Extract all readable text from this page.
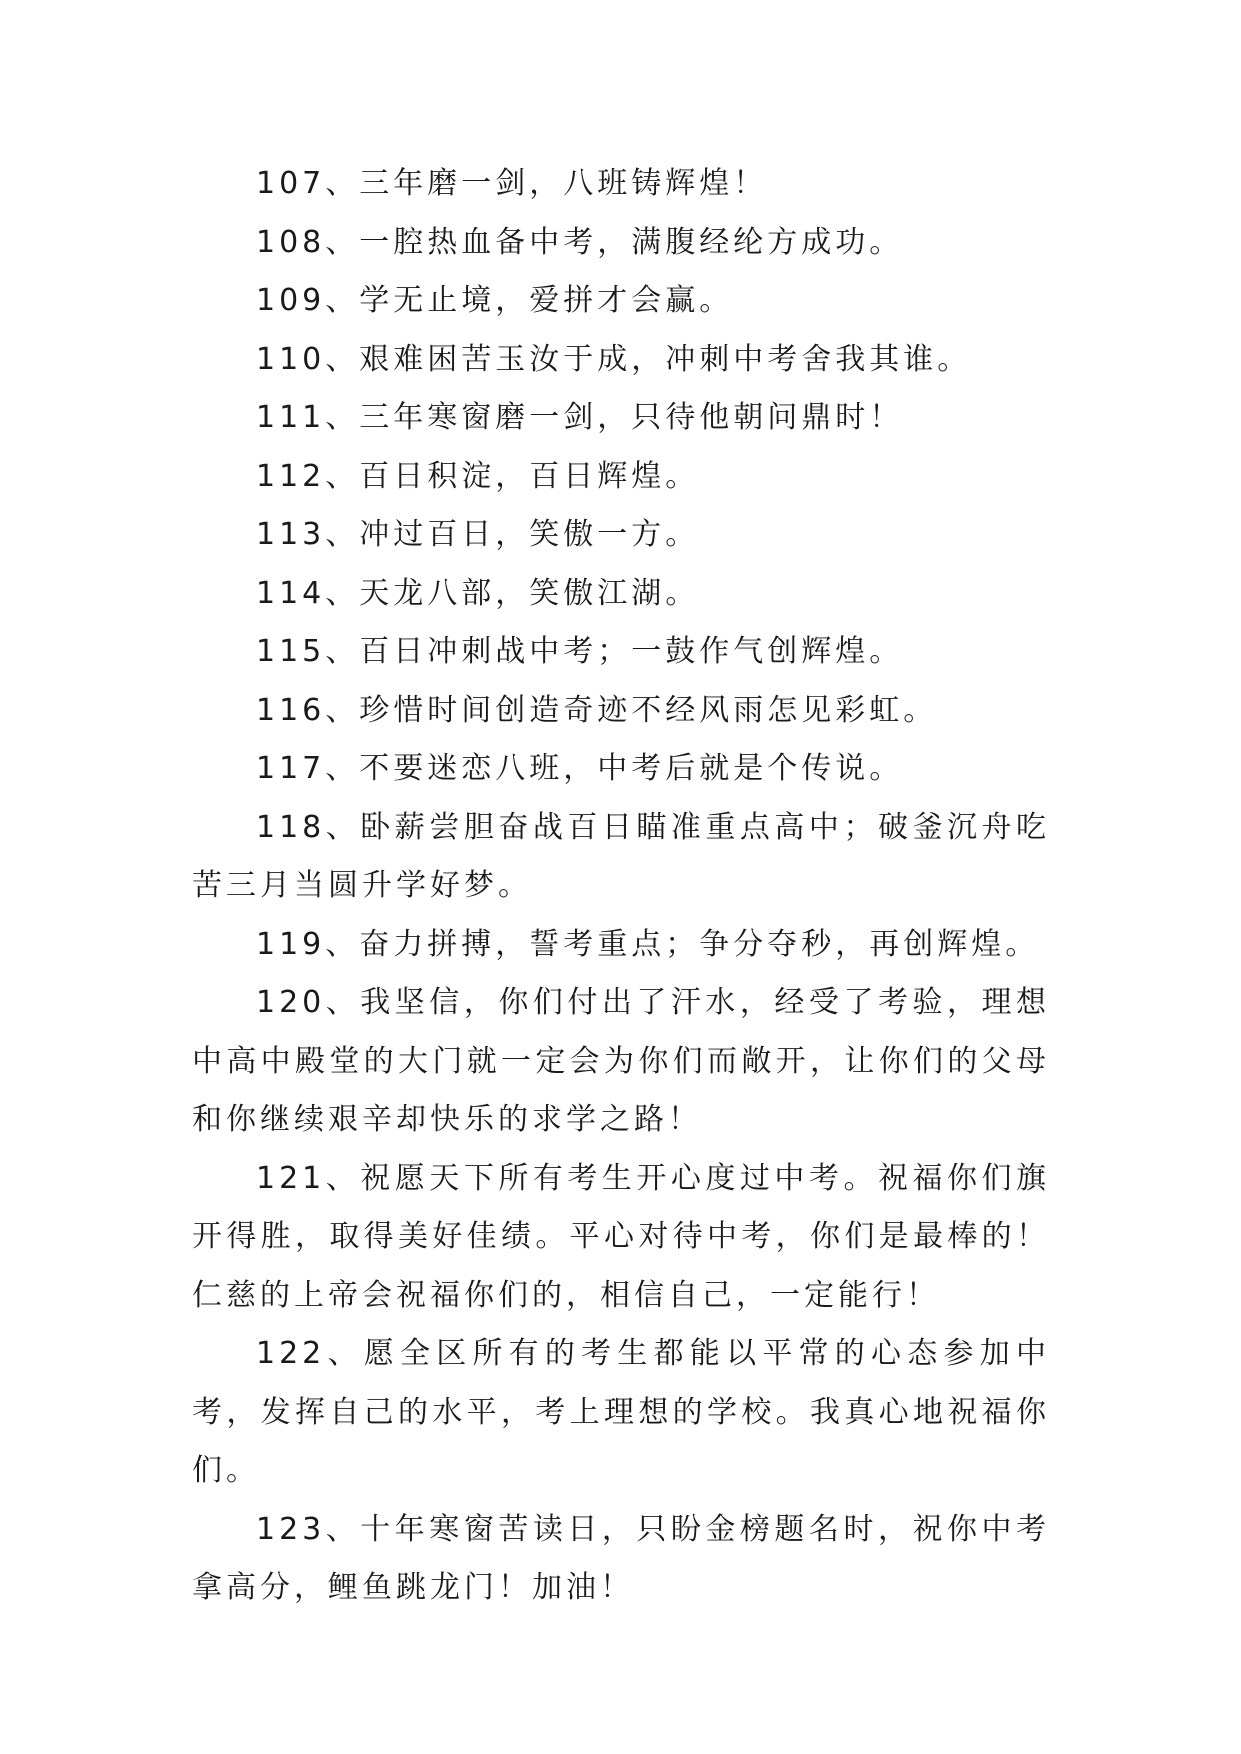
107、三年磨一剑，八班铸辉煌！

108、一腔热血备中考，满腹经纶方成功。

109、学无止境，爱拼才会赢。

110、艰难困苦玉汝于成，冲刺中考舍我其谁。

111、三年寒窗磨一剑，只待他朝问鼎时！

112、百日积淀，百日辉煌。

113、冲过百日，笑傲一方。

114、天龙八部，笑傲江湖。

115、百日冲刺战中考；一鼓作气创辉煌。

116、珍惜时间创造奇迹不经风雨怎见彩虹。

117、不要迷恋八班，中考后就是个传说。

118、卧薪尝胆奋战百日瞄准重点高中；破釜沉舟吃苦三月当圆升学好梦。

119、奋力拼搏，誓考重点；争分夺秒，再创辉煌。

120、我坚信，你们付出了汗水，经受了考验，理想中高中殿堂的大门就一定会为你们而敞开，让你们的父母和你继续艰辛却快乐的求学之路！

121、祝愿天下所有考生开心度过中考。祝福你们旗开得胜，取得美好佳绩。平心对待中考，你们是最棒的！仁慈的上帝会祝福你们的，相信自己，一定能行！

122、愿全区所有的考生都能以平常的心态参加中考，发挥自己的水平，考上理想的学校。我真心地祝福你们。

123、十年寒窗苦读日，只盼金榜题名时，祝你中考拿高分，鲤鱼跳龙门！加油！
